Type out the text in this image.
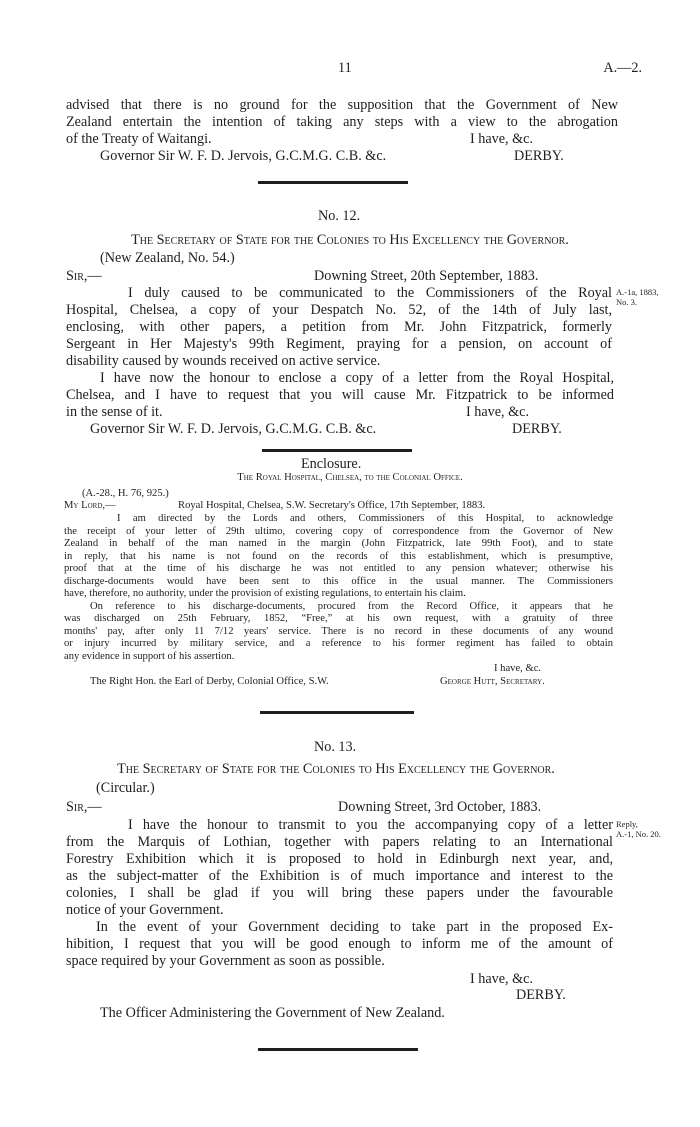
11	A.—2.
advised that there is no ground for the supposition that the Government of New
Zealand entertain the intention of taking any steps with a view to the abrogation
of the Treaty of Waitangi.	I have, &c.
Governor Sir W. F. D. Jervois, G.C.M.G. C.B. &c.	DERBY.
No. 12.
The Secretary of State for the Colonies to His Excellency the Governor.
(New Zealand, No. 54.)
Sir,—	Downing Street, 20th September, 1883.
I duly caused to be communicated to the Commissioners of the Royal
Hospital, Chelsea, a copy of your Despatch No. 52, of the 14th of July last,
enclosing, with other papers, a petition from Mr. John Fitzpatrick, formerly
Sergeant in Her Majesty's 99th Regiment, praying for a pension, on account of
disability caused by wounds received on active service.
I have now the honour to enclose a copy of a letter from the Royal Hospital,
Chelsea, and I have to request that you will cause Mr. Fitzpatrick to be informed
in the sense of it.	I have, &c.
Governor Sir W. F. D. Jervois, G.C.M.G. C.B. &c.	DERBY.
A.-1a, 1883,
No. 3.
Enclosure.
The Royal Hospital, Chelsea, to the Colonial Office.
(A.-28., H. 76, 925.)
My Lord,—	Royal Hospital, Chelsea, S.W. Secretary's Office, 17th September, 1883.
I am directed by the Lords and others, Commissioners of this Hospital, to acknowledge
the receipt of your letter of 29th ultimo, covering copy of correspondence from the Governor of New
Zealand in behalf of the man named in the margin (John Fitzpatrick, late 99th Foot), and to state
in reply, that his name is not found on the records of this establishment, which is presumptive,
proof that at the time of his discharge he was not entitled to any pension whatever; otherwise his
discharge-documents would have been sent to this office in the usual manner. The Commissioners
have, therefore, no authority, under the provision of existing regulations, to entertain his claim.
On reference to his discharge-documents, procured from the Record Office, it appears that he
was discharged on 25th February, 1852, “Free,” at his own request, with a gratuity of three
months' pay, after only 11 7/12 years' service. There is no record in these documents of any wound
or injury incurred by military service, and a reference to his former regiment has failed to obtain
any evidence in support of his assertion.
I have, &c.
The Right Hon. the Earl of Derby, Colonial Office, S.W.	George Hutt, Secretary.
No. 13.
The Secretary of State for the Colonies to His Excellency the Governor.
(Circular.)
Sir,—	Downing Street, 3rd October, 1883.
I have the honour to transmit to you the accompanying copy of a letter
from the Marquis of Lothian, together with papers relating to an International
Forestry Exhibition which it is proposed to hold in Edinburgh next year, and,
as the subject-matter of the Exhibition is of much importance and interest to the
colonies, I shall be glad if you will bring these papers under the favourable
notice of your Government.
In the event of your Government deciding to take part in the proposed Ex-
hibition, I request that you will be good enough to inform me of the amount of
space required by your Government as soon as possible.
I have, &c.
DERBY.
The Officer Administering the Government of New Zealand.
Reply,
A.-1, No. 20.
